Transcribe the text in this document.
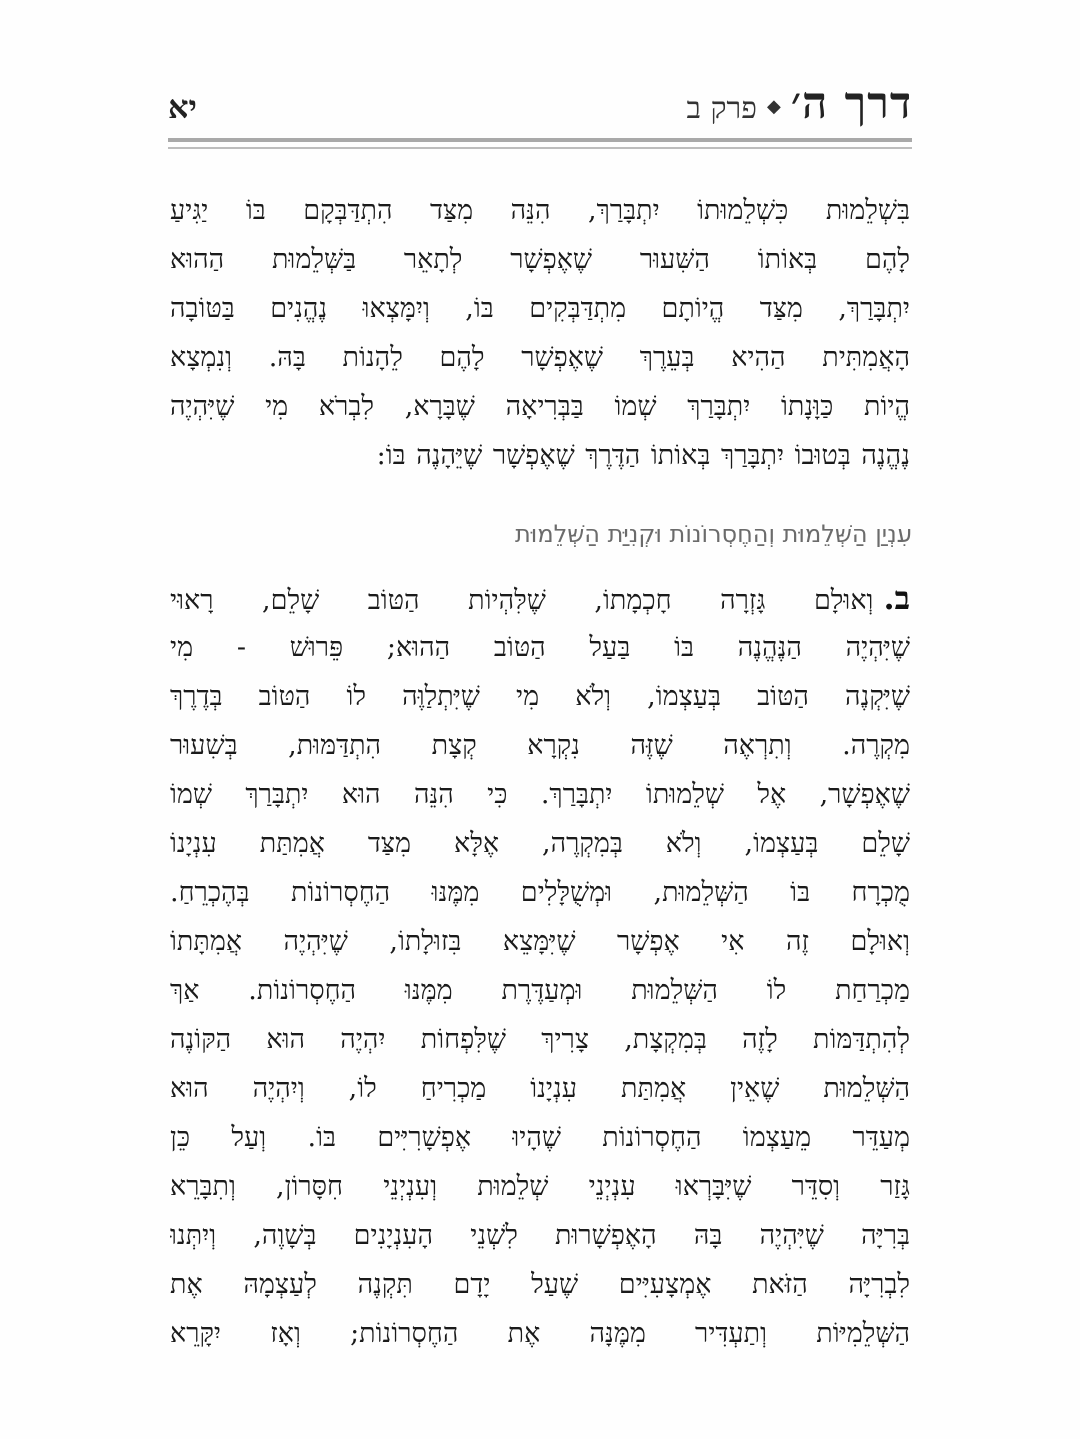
דרך ה׳
◆
פרק ב
יא
בִּשְׁלֵמוּת כִּשְׁלֵמוּתוֹ יִתְבָּרַךְ, הִנֵּה מִצַּד הִתְדַּבְּקָם בּוֹ יַגִּיעַ
לָהֶם בְּאוֹתוֹ הַשִּׁעוּר שֶׁאֶפְשָׁר לְתָאֵר בַּשְּׁלֵמוּת הַהוּא
יִתְבָּרַךְ, מִצַּד הֱיוֹתָם מִתְדַּבְּקִים בּוֹ, וְיִמָּצְאוּ נֶהֱנִים בַּטּוֹבָה
הָאֲמִתִּית הַהִיא בְּעֵרֶךְ שֶׁאֶפְשָׁר לָהֶם לֵהָנוֹת בָּהּ. וְנִמְצָא
הֱיוֹת כַּוָּנָתוֹ יִתְבָּרַךְ שְׁמוֹ בַּבְּרִיאָה שֶׁבָּרָא, לִבְרֹא מִי שֶׁיִּהְיֶה
נֶהֱנֶה בְּטוּבוֹ יִתְבָּרַךְ בְּאוֹתוֹ הַדֶּרֶךְ שֶׁאֶפְשָׁר שֶׁיֵּהָנֶה בּוֹ:
עִנְיַן הַשְּׁלֵמוּת וְהַחֶסְרוֹנוֹת וּקְנִיַּת הַשְּׁלֵמוּת
ב.וְאוּלָם גָּזְרָה חָכְמָתוֹ, שֶׁלִּהְיוֹת הַטּוֹב שָׁלֵם, רָאוּי
שֶׁיִּהְיֶה הַנֶּהֱנֶה בּוֹ בַּעַל הַטּוֹב הַהוּא; פֵּרוּשׁ - מִי
שֶׁיִּקְנֶה הַטּוֹב בְּעַצְמוֹ, וְלֹא מִי שֶׁיִּתְלַוֶּה לוֹ הַטּוֹב בְּדֶרֶךְ
מִקְרֶה. וְתִרְאֶה שֶׁזֶּה נִקְרָא קְצָת הִתְדַּמּוּת, בְּשִׁעוּר
שֶׁאֶפְשָׁר, אֶל שְׁלֵמוּתוֹ יִתְבָּרַךְ. כִּי הִנֵּה הוּא יִתְבָּרַךְ שְׁמוֹ
שָׁלֵם בְּעַצְמוֹ, וְלֹא בְּמִקְרֶה, אֶלָּא מִצַּד אֲמִתַּת עִנְיָנוֹ
מֻכְרָח בּוֹ הַשְּׁלֵמוּת, וּמְשֻׁלָּלִים מִמֶּנּוּ הַחֶסְרוֹנוֹת בְּהֶכְרֵחַ.
וְאוּלָם זֶה אִי אֶפְשָׁר שֶׁיִּמָּצֵא בִּזוּלָתוֹ, שֶׁיִּהְיֶה אֲמִתָּתוֹ
מַכְרַחַת לוֹ הַשְּׁלֵמוּת וּמְעַדֶּרֶת מִמֶּנּוּ הַחֶסְרוֹנוֹת. אַךְ
לְהִתְדַּמּוֹת לָזֶה בְּמִקְצָת, צָרִיךְ שֶׁלִּפְחוֹת יִהְיֶה הוּא הַקּוֹנֶה
הַשְּׁלֵמוּת שֶׁאֵין אֲמִתַּת עִנְיָנוֹ מַכְרִיחַ לוֹ, וְיִהְיֶה הוּא
מְעַדֵּר מֵעַצְמוֹ הַחֶסְרוֹנוֹת שֶׁהָיוּ אֶפְשָׁרִיִּים בּוֹ. וְעַל כֵּן
גָּזַר וְסִדֵּר שֶׁיִּבָּרְאוּ עִנְיְנֵי שְׁלֵמוּת וְעִנְיְנֵי חִסָּרוֹן, וְתִבָּרֵא
בְּרִיָּה שֶׁיִּהְיֶה בָּהּ הָאֶפְשָׁרוּת לִשְׁנֵי הָעִנְיָנִים בְּשָׁוֶה, וְיִתְּנוּ
לִבְרִיָּה הַזֹּאת אֶמְצָעִיִּים שֶׁעַל יָדָם תִּקְנֶה לְעַצְמָהּ אֶת
הַשְּׁלֵמִיּוֹת וְתַעְדִּיר מִמֶּנָּה אֶת הַחֶסְרוֹנוֹת; וְאָז יִקָּרֵא
